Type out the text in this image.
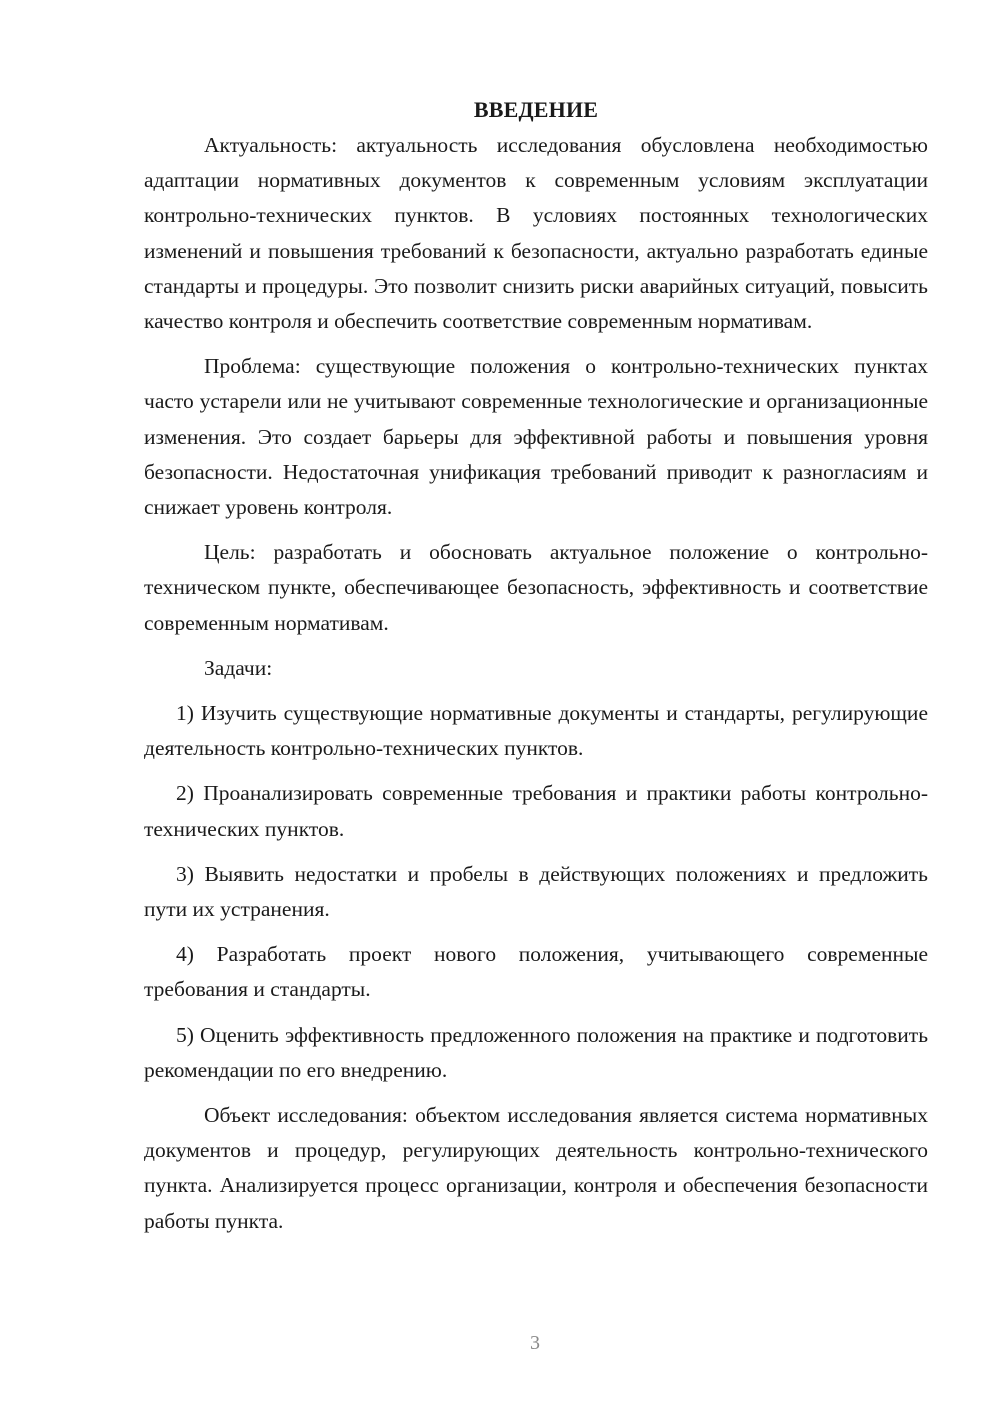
ВВЕДЕНИЕ

Актуальность: актуальность исследования обусловлена необходимостью адаптации нормативных документов к современным условиям эксплуатации контрольно-технических пунктов. В условиях постоянных технологических изменений и повышения требований к безопасности, актуально разработать единые стандарты и процедуры. Это позволит снизить риски аварийных ситуаций, повысить качество контроля и обеспечить соответствие современным нормативам.

Проблема: существующие положения о контрольно-технических пунктах часто устарели или не учитывают современные технологические и организационные изменения. Это создает барьеры для эффективной работы и повышения уровня безопасности. Недостаточная унификация требований приводит к разногласиям и снижает уровень контроля.

Цель: разработать и обосновать актуальное положение о контрольно-техническом пункте, обеспечивающее безопасность, эффективность и соответствие современным нормативам.

Задачи:

1) Изучить существующие нормативные документы и стандарты, регулирующие деятельность контрольно-технических пунктов.

2) Проанализировать современные требования и практики работы контрольно-технических пунктов.

3) Выявить недостатки и пробелы в действующих положениях и предложить пути их устранения.

4) Разработать проект нового положения, учитывающего современные требования и стандарты.

5) Оценить эффективность предложенного положения на практике и подготовить рекомендации по его внедрению.

Объект исследования: объектом исследования является система нормативных документов и процедур, регулирующих деятельность контрольно-технического пункта. Анализируется процесс организации, контроля и обеспечения безопасности работы пункта.

3
